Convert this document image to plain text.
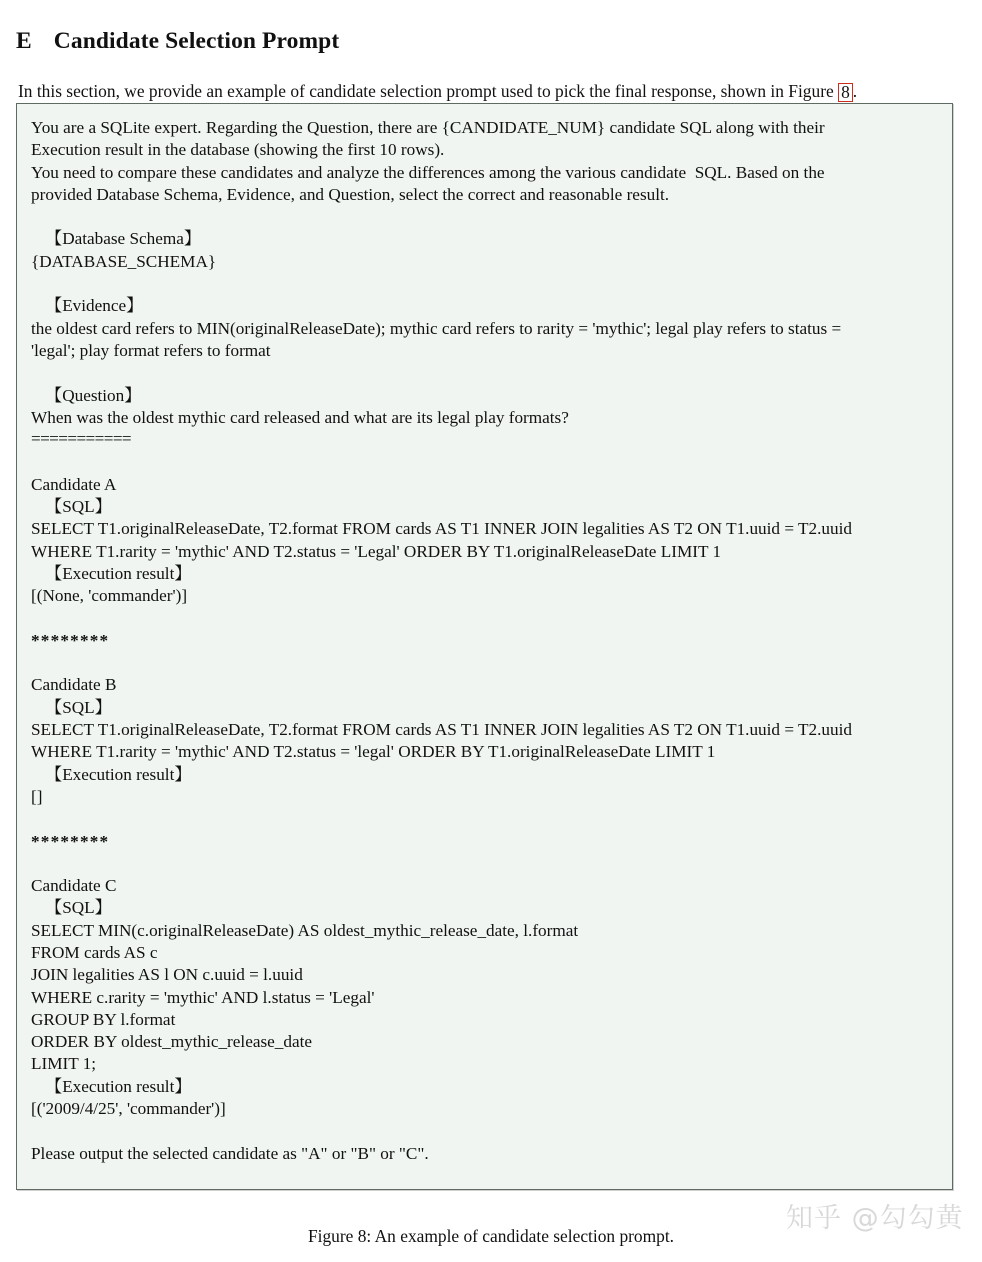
E Candidate Selection Prompt

In this section, we provide an example of candidate selection prompt used to pick the final response, shown in Figure 8 .

You are a SQLite expert. Regarding the Question, there are {CANDIDATE_NUM} candidate SQL along with their
Execution result in the database (showing the first 10 rows).
You need to compare these candidates and analyze the differences among the various candidate  SQL. Based on the
provided Database Schema, Evidence, and Question, select the correct and reasonable result.
【Database Schema】
{DATABASE_SCHEMA}
【Evidence】
the oldest card refers to MIN(originalReleaseDate); mythic card refers to rarity = 'mythic'; legal play refers to status =
'legal'; play format refers to format
【Question】
When was the oldest mythic card released and what are its legal play formats?
===========
Candidate A
【SQL】
SELECT T1.originalReleaseDate, T2.format FROM cards AS T1 INNER JOIN legalities AS T2 ON T1.uuid = T2.uuid
WHERE T1.rarity = 'mythic' AND T2.status = 'Legal' ORDER BY T1.originalReleaseDate LIMIT 1
【Execution result】
[(None, 'commander')]
********
Candidate B
【SQL】
SELECT T1.originalReleaseDate, T2.format FROM cards AS T1 INNER JOIN legalities AS T2 ON T1.uuid = T2.uuid
WHERE T1.rarity = 'mythic' AND T2.status = 'legal' ORDER BY T1.originalReleaseDate LIMIT 1
【Execution result】
[]
********
Candidate C
【SQL】
SELECT MIN(c.originalReleaseDate) AS oldest_mythic_release_date, l.format
FROM cards AS c
JOIN legalities AS l ON c.uuid = l.uuid
WHERE c.rarity = 'mythic' AND l.status = 'Legal'
GROUP BY l.format
ORDER BY oldest_mythic_release_date
LIMIT 1;
【Execution result】
[('2009/4/25', 'commander')]
Please output the selected candidate as "A" or "B" or "C".
Figure 8: An example of candidate selection prompt.
知乎 @勾勾黄
